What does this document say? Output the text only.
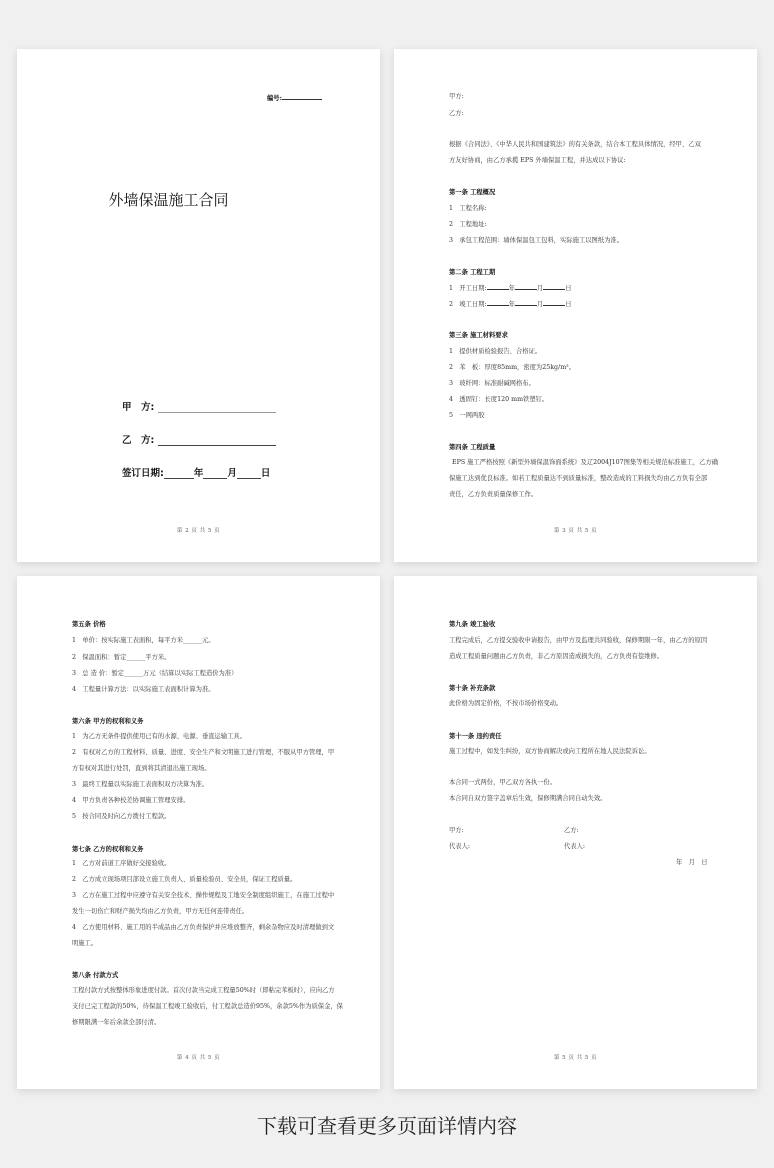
编号:
外墙保温施工合同
甲　方:
乙　方:
签订日期:	年	月	日
第 2 页 共 5 页
甲方:
乙方:
根据《合同法》、《中华人民共和国建筑法》的有关条款，结合本工程具体情况，经甲、乙双
方友好协商，由乙方承揽 EPS 外墙保温工程，并达成以下协议:
第一条 工程概况
1　工程名称:
2　工程地址:
3　承包工程范围：墙体保温包工包料，实际施工以图纸为准。
第二条 工程工期
1　开工日期:	年	月	日
2　竣工日期:	年	月	日
第三条 施工材料要求
1　提供材质检验报告、合格证。
2　苯　板：厚度85mm，密度为25kg/m³。
3　玻纤网：标准耐碱网格布。
4　透固钉：长度120 mm铁塑钉。
5　一网两胶
第四条 工程质量
EPS 施工严格按照《新型外墙保温饰面系统》及辽2004J107图集等相关规范标准施工，乙方确
保施工达到优良标准。如若工程质量达不到质量标准，整改造成的工料损失均由乙方负有全部
责任，乙方负责质量保修工作。
第 3 页 共 5 页
第五条 价格
1　单价：按实际施工表面积，每平方米______元。
2　保温面积：暂定______平方米。
3　总 造 价：暂定______万元（结算以实际工程造价为准）
4　工程量计算方法：以实际施工表面积计算为准。
第六条 甲方的权利和义务
1　为乙方无条件提供使用已有的水源、电源、垂直运输工具。
2　有权对乙方的工程材料、质量、进度、安全生产和文明施工进行管理，不服从甲方管理，甲
方有权对其进行处罚，直到将其清退出施工现场。
3　最终工程量以实际施工表面积双方决算为准。
4　甲方负责各种校差协调施工管理安排。
5　按合同及时向乙方拨付工程款。
第七条 乙方的权利和义务
1　乙方对前道工序做好交接验收。
2　乙方成立现场项目部设立施工负责人、质量检验员、安全员，保证工程质量。
3　乙方在施工过程中应遵守有关安全技术、操作规程及工地安全制度组织施工，在施工过程中
发生一切伤亡和财产损失均由乙方负责，甲方无任何连带责任。
4　乙方使用材料、施工用的半成品由乙方负责保护并应堆放整齐，剩余杂物应及时清理做到文
明施工。
第八条 付款方式
工程付款方式按整体形象进度付款。首次付款当完成工程量50%时（即粘完苯板时），应向乙方
支付已完工程款的50%，待保温工程竣工验收后，付工程款总造价95%，余款5%作为质保金，保
修期限满一年后余款全部付清。
第 4 页 共 5 页
第九条 竣工验收
工程完成后，乙方提交验收申请报告，由甲方及监理共同验收，保修期限一年，由乙方的原因
造成工程质量问题由乙方负责，非乙方原因造成损失的，乙方负责有偿维修。
第十条 补充条款
此价格为固定价格，不按市场价格变动。
第十一条 违约责任
施工过程中，如发生纠纷，双方协商解决或向工程所在地人民法院诉讼。
本合同一式两份，甲乙双方各执一份。
本合同自双方签字盖章后生效，保修期满合同自动失效。
甲方:	乙方:
代表人:	代表人:
年　月　日
第 5 页 共 5 页
下载可查看更多页面详情内容
